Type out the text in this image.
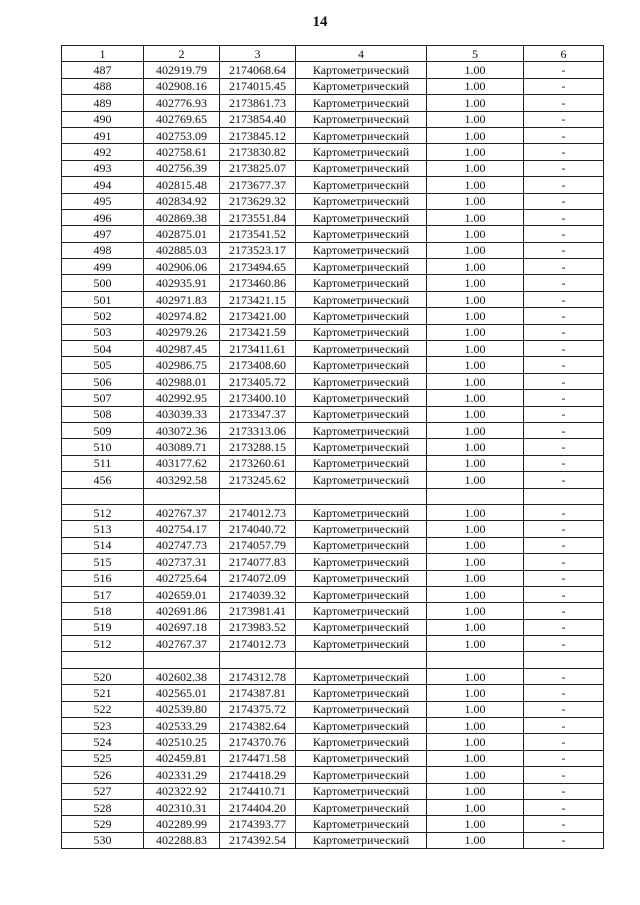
14
1	2	3	4	5	6
487	402919.79	2174068.64	Картометрический	1.00	-
488	402908.16	2174015.45	Картометрический	1.00	-
489	402776.93	2173861.73	Картометрический	1.00	-
490	402769.65	2173854.40	Картометрический	1.00	-
491	402753.09	2173845.12	Картометрический	1.00	-
492	402758.61	2173830.82	Картометрический	1.00	-
493	402756.39	2173825.07	Картометрический	1.00	-
494	402815.48	2173677.37	Картометрический	1.00	-
495	402834.92	2173629.32	Картометрический	1.00	-
496	402869.38	2173551.84	Картометрический	1.00	-
497	402875.01	2173541.52	Картометрический	1.00	-
498	402885.03	2173523.17	Картометрический	1.00	-
499	402906.06	2173494.65	Картометрический	1.00	-
500	402935.91	2173460.86	Картометрический	1.00	-
501	402971.83	2173421.15	Картометрический	1.00	-
502	402974.82	2173421.00	Картометрический	1.00	-
503	402979.26	2173421.59	Картометрический	1.00	-
504	402987.45	2173411.61	Картометрический	1.00	-
505	402986.75	2173408.60	Картометрический	1.00	-
506	402988.01	2173405.72	Картометрический	1.00	-
507	402992.95	2173400.10	Картометрический	1.00	-
508	403039.33	2173347.37	Картометрический	1.00	-
509	403072.36	2173313.06	Картометрический	1.00	-
510	403089.71	2173288.15	Картометрический	1.00	-
511	403177.62	2173260.61	Картометрический	1.00	-
456	403292.58	2173245.62	Картометрический	1.00	-

512	402767.37	2174012.73	Картометрический	1.00	-
513	402754.17	2174040.72	Картометрический	1.00	-
514	402747.73	2174057.79	Картометрический	1.00	-
515	402737.31	2174077.83	Картометрический	1.00	-
516	402725.64	2174072.09	Картометрический	1.00	-
517	402659.01	2174039.32	Картометрический	1.00	-
518	402691.86	2173981.41	Картометрический	1.00	-
519	402697.18	2173983.52	Картометрический	1.00	-
512	402767.37	2174012.73	Картометрический	1.00	-

520	402602.38	2174312.78	Картометрический	1.00	-
521	402565.01	2174387.81	Картометрический	1.00	-
522	402539.80	2174375.72	Картометрический	1.00	-
523	402533.29	2174382.64	Картометрический	1.00	-
524	402510.25	2174370.76	Картометрический	1.00	-
525	402459.81	2174471.58	Картометрический	1.00	-
526	402331.29	2174418.29	Картометрический	1.00	-
527	402322.92	2174410.71	Картометрический	1.00	-
528	402310.31	2174404.20	Картометрический	1.00	-
529	402289.99	2174393.77	Картометрический	1.00	-
530	402288.83	2174392.54	Картометрический	1.00	-
